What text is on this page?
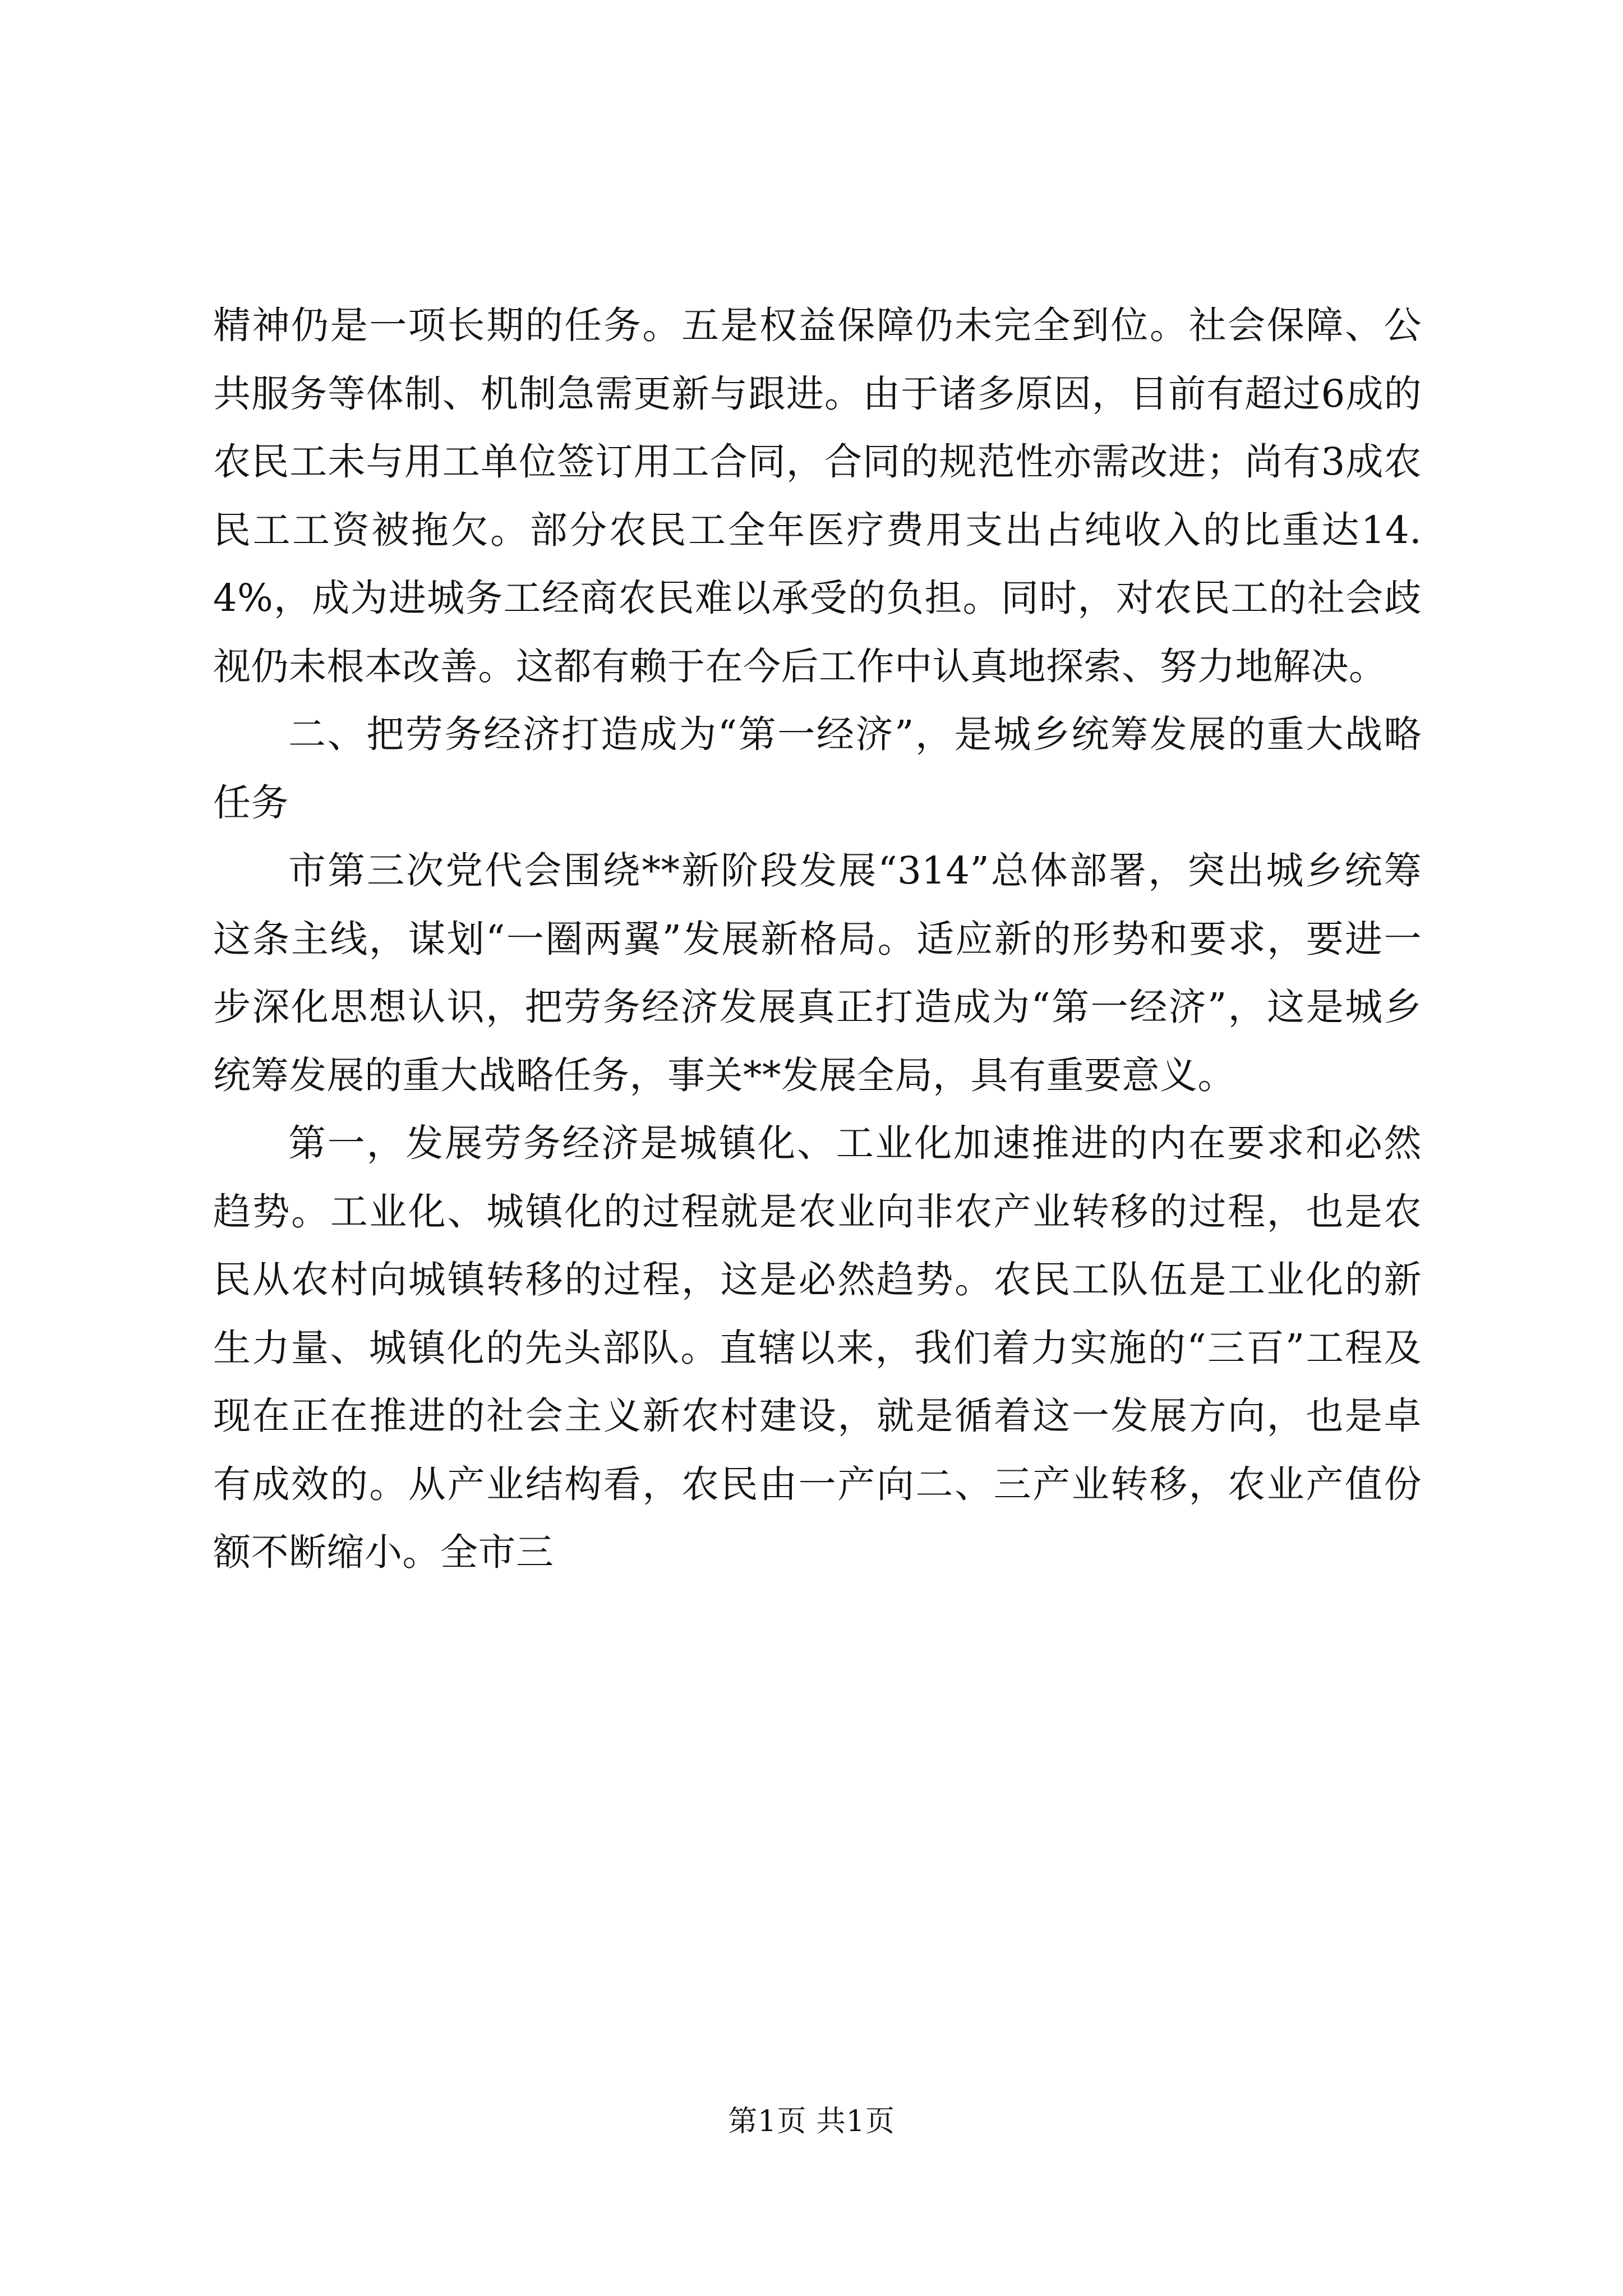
精神仍是一项长期的任务。五是权益保障仍未完全到位。社会保障、公共服务等体制、机制急需更新与跟进。由于诸多原因，目前有超过6成的农民工未与用工单位签订用工合同，合同的规范性亦需改进；尚有3成农民工工资被拖欠。部分农民工全年医疗费用支出占纯收入的比重达14.4%，成为进城务工经商农民难以承受的负担。同时，对农民工的社会歧视仍未根本改善。这都有赖于在今后工作中认真地探索、努力地解决。

二、把劳务经济打造成为“第一经济”，是城乡统筹发展的重大战略任务

市第三次党代会围绕**新阶段发展“314”总体部署，突出城乡统筹这条主线，谋划“一圈两翼”发展新格局。适应新的形势和要求，要进一步深化思想认识，把劳务经济发展真正打造成为“第一经济”，这是城乡统筹发展的重大战略任务，事关**发展全局，具有重要意义。

第一，发展劳务经济是城镇化、工业化加速推进的内在要求和必然趋势。工业化、城镇化的过程就是农业向非农产业转移的过程，也是农民从农村向城镇转移的过程，这是必然趋势。农民工队伍是工业化的新生力量、城镇化的先头部队。直辖以来，我们着力实施的“三百”工程及现在正在推进的社会主义新农村建设，就是循着这一发展方向，也是卓有成效的。从产业结构看，农民由一产向二、三产业转移，农业产值份额不断缩小。全市三

第1页 共1页
